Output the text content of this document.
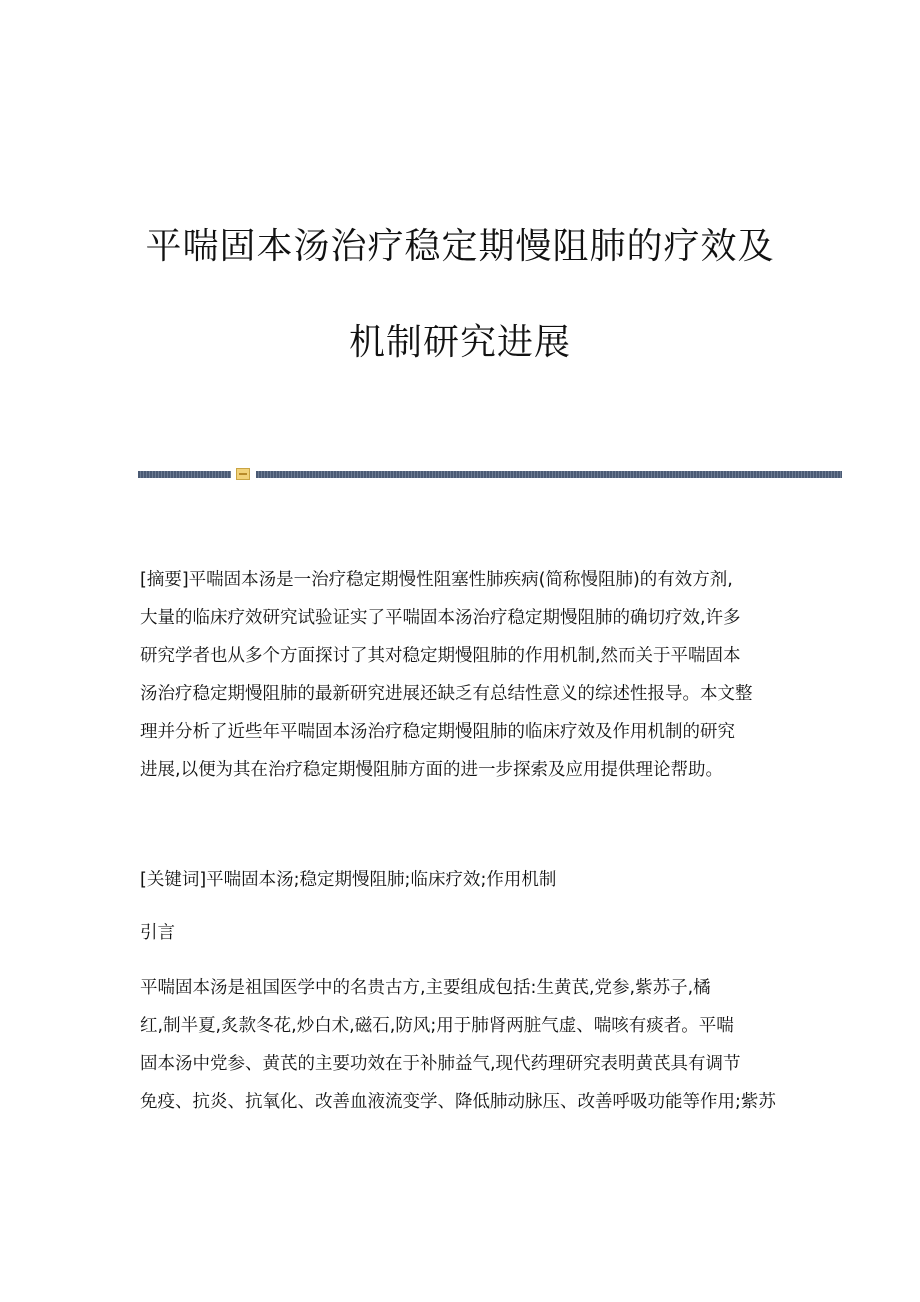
平喘固本汤治疗稳定期慢阻肺的疗效及
机制研究进展
[摘要]平喘固本汤是一治疗稳定期慢性阻塞性肺疾病(简称慢阻肺)的有效方剂,
大量的临床疗效研究试验证实了平喘固本汤治疗稳定期慢阻肺的确切疗效,许多
研究学者也从多个方面探讨了其对稳定期慢阻肺的作用机制,然而关于平喘固本
汤治疗稳定期慢阻肺的最新研究进展还缺乏有总结性意义的综述性报导。本文整
理并分析了近些年平喘固本汤治疗稳定期慢阻肺的临床疗效及作用机制的研究
进展,以便为其在治疗稳定期慢阻肺方面的进一步探索及应用提供理论帮助。
[关键词]平喘固本汤;稳定期慢阻肺;临床疗效;作用机制
引言
平喘固本汤是祖国医学中的名贵古方,主要组成包括:生黄芪,党参,紫苏子,橘
红,制半夏,炙款冬花,炒白术,磁石,防风;用于肺肾两脏气虚、喘咳有痰者。平喘
固本汤中党参、黄芪的主要功效在于补肺益气,现代药理研究表明黄芪具有调节
免疫、抗炎、抗氧化、改善血液流变学、降低肺动脉压、改善呼吸功能等作用;紫苏
